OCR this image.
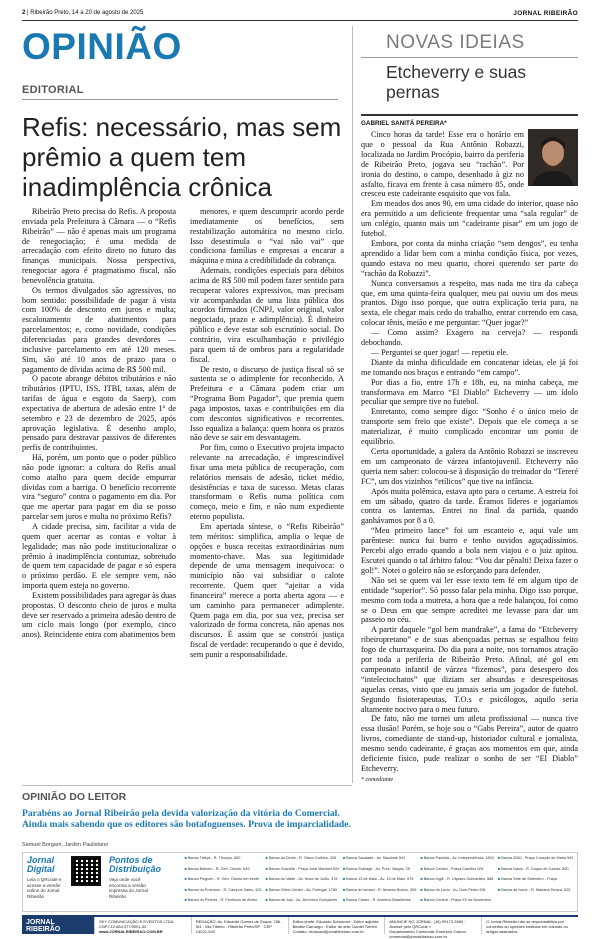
2 | Ribeirão Preto, 14 a 20 de agosto de 2025	JORNAL RIBEIRÃO
OPINIÃO
EDITORIAL
Refis: necessário, mas sem prêmio a quem tem inadimplência crônica

Ribeirão Preto precisa do Refis. A proposta enviada pela Prefeitura à Câmara — o “Refis Ribeirão” — não é apenas mais um programa de renegociação; é uma medida de arrecadação com efeito direto no futuro das finanças municipais. Nossa perspectiva, renegociar agora é pragmatismo fiscal, não benevolência gratuita.

Os termos divulgados são agressivos, no bom sentido: possibilidade de pagar à vista com 100% de desconto em juros e multa; escalonamento de abatimentos para parcelamentos; e, como novidade, condições diferenciadas para grandes devedores — inclusive parcelamento em até 120 meses. Sim, são até 10 anos de prazo para o pagamento de dívidas acima de R$ 500 mil.

O pacote abrange débitos tributários e não tributários (IPTU, ISS, ITBI, taxas, além de tarifas de água e esgoto da Saerp), com expectativa de abertura de adesão entre 1º de setembro e 23 de dezembro de 2025, após aprovação legislativa. É desenho amplo, pensado para destravar passivos de diferentes perfis de contribuintes.

Há, porém, um ponto que o poder público não pode ignorar: a cultura do Refis anual como atalho para quem decide empurrar dívidas com a barriga. O benefício recorrente vira “seguro” contra o pagamento em dia. Por que me apertar para pagar em dia se posso parcelar sem juros e multa no próximo Refis?

A cidade precisa, sim, facilitar a vida de quem quer acertar as contas e voltar à legalidade; mas não pode institucionalizar o prêmio à inadimplência contumaz, sobretudo de quem tem capacidade de pagar e só espera o próximo perdão. E ele sempre vem, não importa quem esteja no governo.

Existem possibilidades para agregar às duas propostas. O desconto cheio de juros e multa deve ser reservado a primeira adesão dentro de um ciclo mais longo (por exemplo, cinco anos). Reincidente entra com abatimentos bem

menores, e quem descumprir acordo perde imediatamente os benefícios, sem restabilização automática no mesmo ciclo. Isso desestimula o “vai não vai” que condiciona famílias e empresas a encarar a máquina e mina a credibilidade da cobrança.

Ademais, condições especiais para débitos acima de R$ 500 mil podem fazer sentido para recuperar valores expressivos, mas precisam vir acompanhadas de uma lista pública dos acordos firmados (CNPJ, valor original, valor negociado, prazo e adimplência). É dinheiro público e deve estar sob escrutínio social. Do contrário, vira esculhambação e privilégio para quem tá de ombros para a regularidade fiscal.

De resto, o discurso de justiça fiscal só se sustenta se o adimplente for reconhecido. A Prefeitura e a Câmara podem criar um “Programa Bom Pagador”, que premia quem paga impostos, taxas e contribuições em dia com descontos significativos e recorrentes. Isso equaliza a balança: quem honra os prazos não deve se sair em desvantagem.

Por fim, como o Executivo projeta impacto relevante na arrecadação, é imprescindível fixar uma meta pública de recuperação, com relatórios mensais de adesão, ticket médio, desistências e taxa de sucesso. Metas claras transformam o Refis numa política com começo, meio e fim, e não num expediente eterno populista.

Em apertada síntese, o “Refis Ribeirão” tem méritos: simplifica, amplia o leque de opções e busca receitas extraordinárias num momento-chave. Mas sua legitimidade depende de uma mensagem inequívoca: o município não vai subsidiar o calote recorrente. Quem quer “ajeitar a vida financeira” merece a porta aberta agora — e um caminho para permanecer adimplente. Quem paga em dia, por sua vez, precisa ser valorizado de forma concreta, não apenas nos discursos. É assim que se constrói justiça fiscal de verdade: recuperando o que é devido, sem punir a responsabilidade.

NOVAS IDEIAS
Etcheverry e suas pernas
GABRIEL SANITÁ PEREIRA*

Cinco horas da tarde! Esse era o horário em que o pessoal da Rua Antônio Robazzi, localizada no Jardim Procópio, bairro da periferia de Ribeirão Preto, jogava seu “rachão”. Por ironia do destino, o campo, desenhado à giz no asfalto, ficava em frente à casa número 85, onde cresceu este cadeirante esquisito que vos fala.

Em meados dos anos 90, em uma cidade do interior, quase não era permitido a um deficiente frequentar uma “sala regular” de um colégio, quanto mais um “cadeirante pisar” em um jogo de futebol.

Embora, por conta da minha criação “sem dengos”, eu tenha aprendido a lidar bem com a minha condição física, por vezes, quando estava no meu quarto, chorei querendo ser parte do “rachão da Robazzi”.

Nunca conversamos a respeito, mas nada me tira da cabeça que, em uma quinta-feira qualquer, meu pai ouviu um dos meus prantos. Digo isso porque, que outra explicação teria para, na sexta, ele chegar mais cedo do trabalho, entrar correndo em casa, colocar tênis, meião e me perguntar: “Quer jogar?”

— Como assim? Exagero na cerveja? — respondi debochando.

— Perguntei se quer jogar! — repetiu ele.

Diante da minha dificuldade em concatenar ideias, ele já foi me tomando nos braços e entrando “em campo”.

Por dias a fio, entre 17h e 18h, eu, na minha cabeça, me transformava em Marco “El Diablo” Etcheverry — um ídolo peculiar que sempre tive no futebol.

Entretanto, como sempre digo: “Sonho é o único meio de transporte sem freio que existe”. Depois que ele começa a se materializar, é muito complicado encontrar um ponto de equilíbrio.

Certa oportunidade, a galera da Antônio Robazzi se inscreveu em um campeonato de várzea infantojuvenil. Etcheverry não queria nem saber: colocou-se à disposição do treinador do “Tereré FC”, um dos vizinhos “etílicos” que tive na infância.

Após muita polêmica, estava apto para o certame. A estreia foi em um sábado, quatro da tarde. Éramos líderes e jogaríamos contra os lanternas. Entrei no final da partida, quando ganhávamos por 8 a 0.

“Meu primeiro lance” foi um escanteio e, aqui vale um parêntese: nunca fui burro e tenho ouvidos aguçadíssimos. Percebi algo errado quando a bola nem viajou e o juiz apitou. Escutei quando o tal árbitro falou: “Vou dar pênalti! Deixa fazer o gol!”. Notei o goleiro não se esforçando para defender.

Não sei se quem vai ler esse texto tem fé em algum tipo de entidade “superior”. Só posso falar pela minha. Digo isso porque, mesmo com toda a mutreta, a hora que a rede balançou, foi como se o Deus em que sempre acreditei me levasse para dar um passeio no céu.

A partir daquele “gol bem mandrake”, a fama do “Etcheverry ribeiropretano” e de suas abençoadas pernas se espalhou feito fogo de churrasqueira. Do dia para a noite, nos tornamos atração por toda a periferia de Ribeirão Preto. Afinal, até gol em campeonato infantil de várzea “fizemos”, para desespero dos “intelectochatos” que diziam ser absurdas e desrespeitosas aquelas cenas, visto que eu jamais seria um jogador de futebol. Segundo fisioterapeutas, T.O.s e psicólogos, aquilo seria altamente nocivo para o meu futuro.

De fato, não me tornei um atleta profissional — nunca tive essa ilusão! Porém, se hoje sou o “Gabs Pereira”, autor de quatro livros, comediante de stand-up, historiador cultural e jornalista, mesmo sendo cadeirante, é graças aos momentos em que, ainda deficiente físico, pude realizar o sonho de ser “El Diablo” Etcheverry.

* comediante

OPINIÃO DO LEITOR
Parabéns ao Jornal Ribeirão pela devida valorização da vitória do Comercial. Ainda mais sabendo que os editores são botafoguenses. Prova de imparcialidade.
Samuel Borgam, Jardim Paulistano
Jornal Digital
Leia o QRcode e acesse a versão online do Jornal Ribeirão
Pontos de Distribuição
Veja onde você encontra a versão impressa do Jornal Ribeirão
■ Banca Tilelça - R. Tiburçio, 800	■ Banca do Denis - R. Olavo Guilhes, 326	■ Banca Saudade - Av. Saudade 5/N	■ Banca Paulista - Av. Independência, 1800	■ Banca 2000 - Praça Coração de Maria 5/N
■ Banca Balneio - R. Gen. Osório, 549	■ Banca Oracilde - Praça José Marhuel 5/N	■ Banca Sobragir - Av. Pres. Vargas, 25	■ Banca Centeo - Praça Camões 5/N	■ Banca Oásis - R. Duque de Caxias, 800
■ Banca Pinguim - R. Gen. Osório em frente	■ Banca do Valdir - Av. Nove de Julho, 378	■ Banca 13 de Maio - Av. 13 de Maio, 575	■ Banca Inglê - R. Ulysses Guimarães, 588	■ Banca Sete de Setembro - Praça
■ Banca do Emerson - R. Campos Sales, 425	■ Banca Ofício Center - Av. Portugal, 1780	■ Banca do Ismael - R. Amador Bueno, 395	■ Banca do Lucio - Av. Dom Pedro 5/N	■ Banca da Ivone - R. Mariana Tereza, 625
■ Banca do Pereira - R. Florêncio de Abreu	■ Banca da Juju - Av. Jerônimo Gonçalves	■ Banca Castro - R. Américo Brasiliense	■ Banca Central - Praça XV de Novembro
JORNAL RIBEIRÃO
SKY COMUNICAÇÃO E EVENTOS LTDA · CNPJ 12.684.377/0001-30
www.JORNALRIBEIRAO.COM.BR
REDAÇÃO: Av. Eduardo Gomes de Souza, 786 - 5/4 · Vila Tibério - Ribeirão Preto/SP · CEP 14021-540
Editor-chefe: Eduardo Schiavoni · Editor adjunto: Beatriz Camargo · Editor de arte: Daniel Torrieri
Contato: redacao@jornalribeirao.com.br
ANUNCIE NO JORNAL: (16) 99173-3980 · Acesse pelo QRCode »
Departamento Comercial: Emerson Cosmo · comercial@jornalribeirao.com.br
O Jornal Ribeirão não se responsabiliza por conceitos ou opiniões emitidos em colunas ou artigos assinados.
